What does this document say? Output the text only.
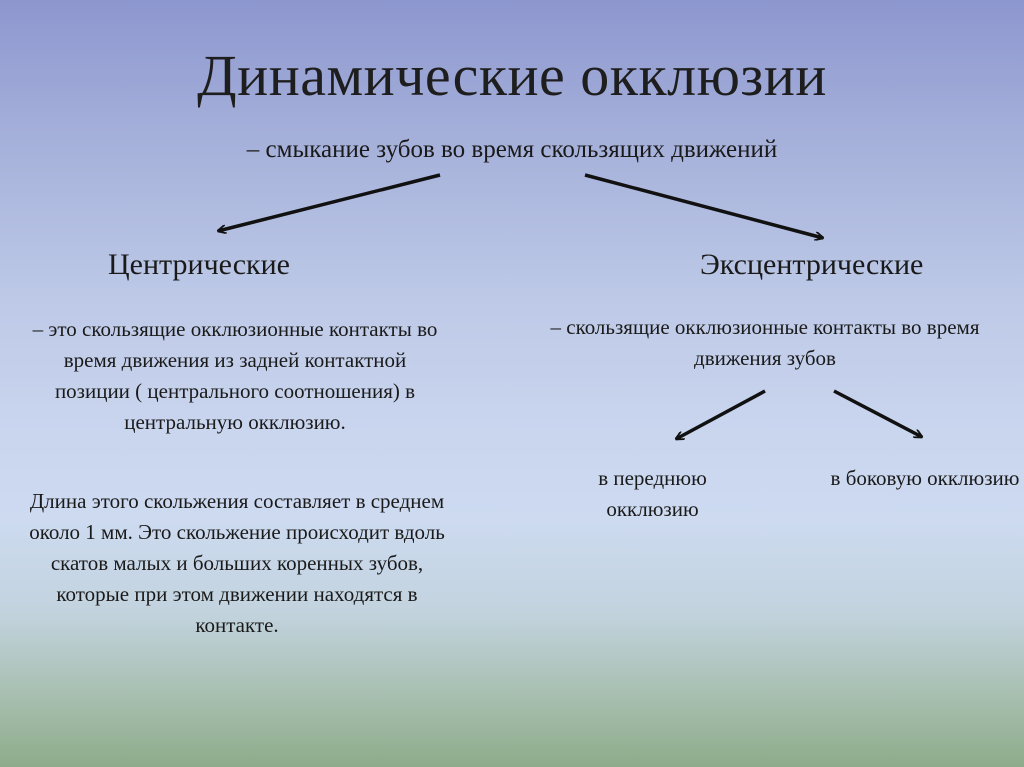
Динамические окклюзии
– смыкание зубов во время скользящих движений
Центрические	Эксцентрические
– это скользящие окклюзионные контакты во время движения из задней контактной позиции ( центрального соотношения) в центральную окклюзию.
Длина этого скольжения составляет в среднем около 1 мм. Это скольжение происходит вдоль скатов малых и больших коренных зубов, которые при этом движении находятся в контакте.
– скользящие окклюзионные контакты во время движения зубов
в переднюю окклюзию
в боковую окклюзию
